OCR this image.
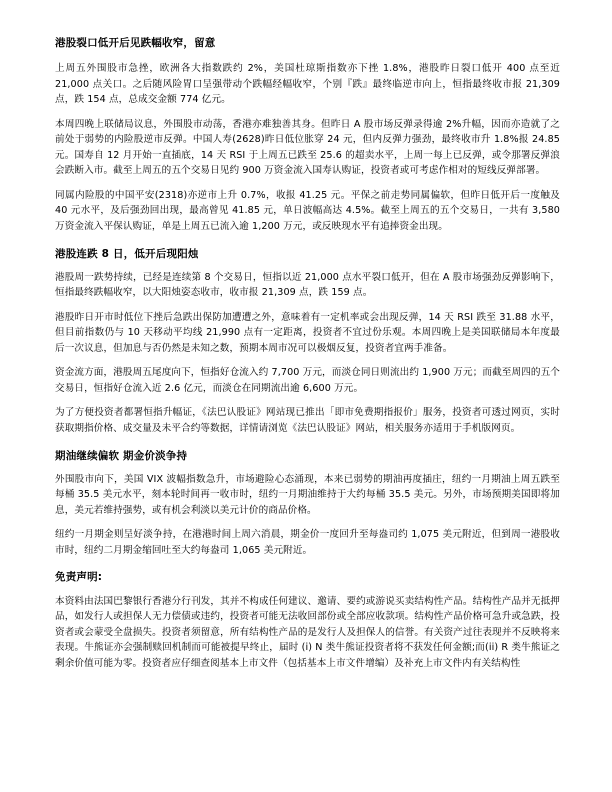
港股裂口低开后见跌幅收窄，留意

上周五外围股市急挫，欧洲各大指数跌约 2%，美国杜琼斯指数亦下挫 1.8%，港股昨日裂口低开 400 点至近 21,000 点关口。之后随风险胃口呈强带动个跌幅经幅收窄，个别『跌』最终临逆市向上，恒指最终收市报 21,309 点，跌 154 点，总成交金额 774 亿元。

本周四晚上联储局议息，外围股市动荡，香港亦难独善其身。但昨日 A 股市场反弹录得逾 2%升幅，因而亦造就了之前处于弱势的内险股逆市反弹。中国人寿(2628)昨日低位胀穿 24 元，但内反弹力强劲，最终收市升 1.8%报 24.85 元。国寿自 12 月开始一直插底，14 天 RSI 于上周五已跌至 25.6 的超卖水平，上周一每上已反弹，或令那署反弹浪会跌断入市。截至上周五的五个交易日见约 900 万资金流入国寿认购证，投资者或可考虑作相对的短线反弹部署。

同属内险股的中国平安(2318)亦逆市上升 0.7%，收报 41.25 元。平保之前走势同属偏软，但昨日低开后一度触及 40 元水平，及后强劲回出现，最高曾见 41.85 元，单日波幅高达 4.5%。截至上周五的五个交易日，一共有 3,580 万资金流入平保认购证，单是上周五已流入逾 1,200 万元，或反映现水平有追捧资金出现。

港股连跌 8 日，低开后现阳烛

港股周一跌势持续，已经是连续第 8 个交易日，恒指以近 21,000 点水平裂口低开，但在 A 股市场强劲反弹影响下，恒指最终跌幅收窄，以大阳烛姿态收市，收市报 21,309 点，跌 159 点。

港股昨日开市时低位下挫后急跌出保防加遭遭之外，意味着有一定机率或会出现反弹，14 天 RSI 跌至 31.88 水平，但目前指数仍与 10 天移动平均线 21,990 点有一定距离，投资者不宜过份乐观。本周四晚上是美国联储局本年度最后一次议息，但加息与否仍然是未知之数，预期本周市况可以极烟反复，投资者宜两手准备。

资金流方面，港股周五尾度向下，恒指好仓流入约 7,700 万元，而淡仓同日则流出约 1,900 万元；而截至周四的五个交易日，恒指好仓流入近 2.6 亿元，而淡仓在同期流出逾 6,600 万元。

为了方便投资者都署恒指升幅证，《法巴认股证》网站现已推出「即市免费期指报价」服务，投资者可透过网页，实时获取期指价格、成交量及未平合约等数据，详情请浏览《法巴认股证》网站，相关服务亦适用于手机版网页。

期油继续偏软 期金价淡争持

外围股市向下，美国 VIX 波幅指数急升，市场避险心态涌现，本来已弱势的期油再度插庄，纽约一月期油上周五跌至每桶 35.5 美元水平，刻本轮时间再一收市时，纽约一月期油维持于大约每桶 35.5 美元。另外，市场预期美国即将加息，美元若维持强势，或有机会利淡以美元计价的商品价格。

纽约一月期金则呈好淡争持，在港港时间上周六消晨，期金价一度回升至每盎司约 1,075 美元附近，但到周一港股收市时，纽约二月期金缩回吐至大约每盎司 1,065 美元附近。

免责声明:

本资料由法国巴黎银行香港分行刊发，其并不构成任何建议、邀请、要约或游说买卖结构性产品。结构性产品并无抵押品，如发行人或担保人无力偿债或违约，投资者可能无法收回部份或全部应收款项。结构性产品价格可急升或急跌，投资者或会蒙受全盘损失。投资者须留意，所有结构性产品的是发行人及担保人的信誉。有关资产过往表现并不反映将来表现。牛熊证亦会强制赎回机制而可能被提早终止，届时 (i) N 类牛熊证投资者将不获发任何金额;而(ii) R 类牛熊证之剩余价值可能为零。投资者应仔细查阅基本上市文件（包括基本上市文件增编）及补充上市文件内有关结构性
